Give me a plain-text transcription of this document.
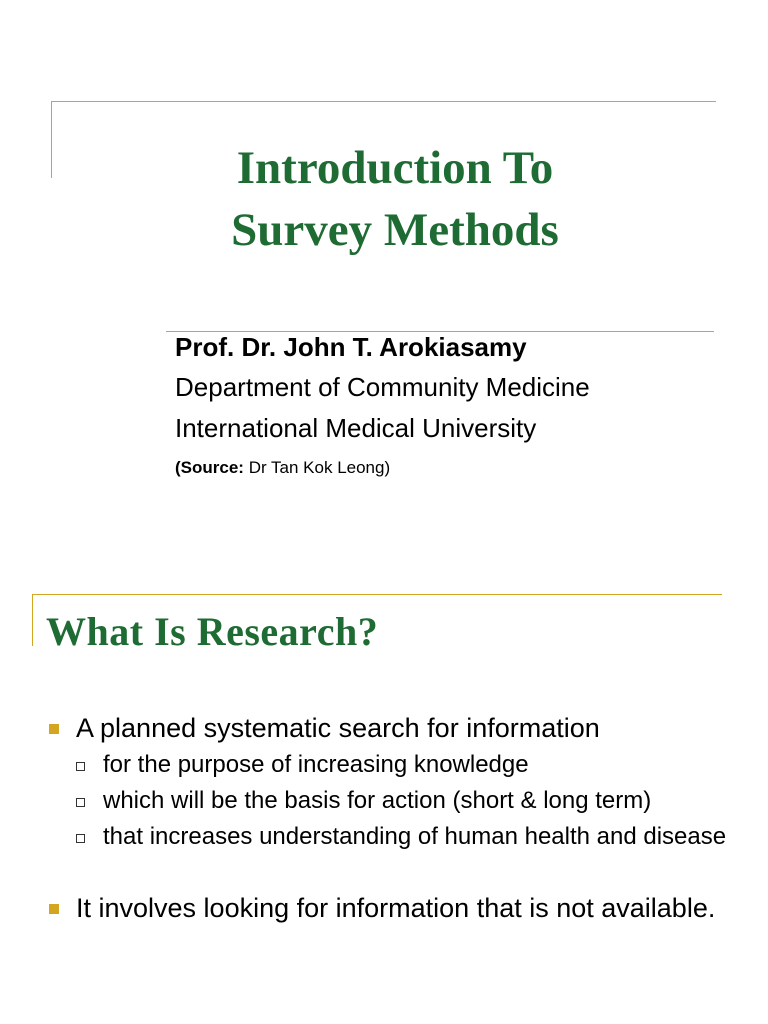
Introduction To
Survey Methods
Prof. Dr. John T. Arokiasamy
Department of Community Medicine
International Medical University
(Source: Dr Tan Kok Leong)
What Is Research?
A planned systematic search for information
for the purpose of increasing knowledge
which will be the basis for action (short & long term)
that increases understanding of human health and disease
It involves looking for information that is not available.
